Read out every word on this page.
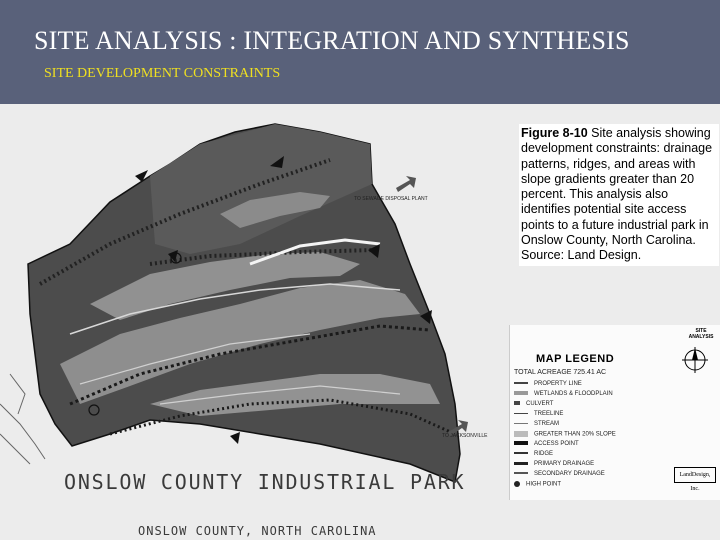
SITE ANALYSIS : INTEGRATION AND SYNTHESIS
SITE DEVELOPMENT CONSTRAINTS
TO SEWAGE DISPOSAL PLANT
TO JACKSONVILLE
Figure 8-10 Site analysis showing development constraints: drainage patterns, ridges, and areas with slope gradients greater than 20 percent. This analysis also identifies potential site access points to a future industrial park in Onslow County, North Carolina. Source: Land Design.
SITE ANALYSIS
MAP LEGEND
TOTAL ACREAGE 725.41 AC
PROPERTY LINE
WETLANDS & FLOODPLAIN
CULVERT
TREELINE
STREAM
GREATER THAN 20% SLOPE
ACCESS POINT
RIDGE
PRIMARY DRAINAGE
SECONDARY DRAINAGE
HIGH POINT
LandDesign, Inc.
ONSLOW COUNTY INDUSTRIAL PARK
ONSLOW COUNTY, NORTH CAROLINA
